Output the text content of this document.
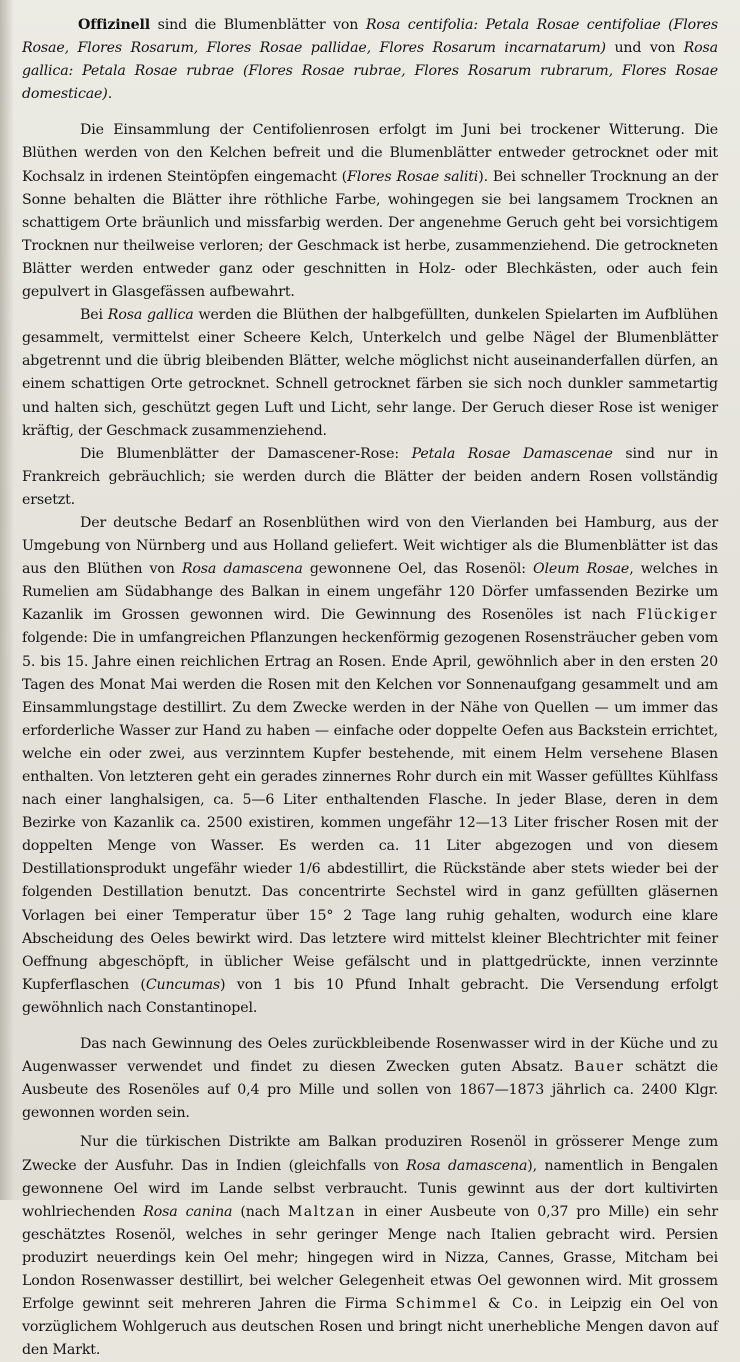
Offizinell sind die Blumenblätter von Rosa centifolia: Petala Rosae centifoliae (Flores Rosae, Flores Rosarum, Flores Rosae pallidae, Flores Rosarum incarnatarum) und von Rosa gallica: Petala Rosae rubrae (Flores Rosae rubrae, Flores Rosarum rubrarum, Flores Rosae domesticae).

Die Einsammlung der Centifolienrosen erfolgt im Juni bei trockener Witterung. Die Blüthen werden von den Kelchen befreit und die Blumenblätter entweder getrocknet oder mit Kochsalz in irdenen Steintöpfen eingemacht (Flores Rosae saliti). Bei schneller Trocknung an der Sonne behalten die Blätter ihre röthliche Farbe, wohingegen sie bei langsamem Trocknen an schattigem Orte bräunlich und missfarbig werden. Der angenehme Geruch geht bei vorsichtigem Trocknen nur theilweise verloren; der Geschmack ist herbe, zusammenziehend. Die getrockneten Blätter werden entweder ganz oder geschnitten in Holz- oder Blechkästen, oder auch fein gepulvert in Glasgefässen aufbewahrt.

Bei Rosa gallica werden die Blüthen der halbgefüllten, dunkelen Spielarten im Aufblühen gesammelt, vermittelst einer Scheere Kelch, Unterkelch und gelbe Nägel der Blumenblätter abgetrennt und die übrig bleibenden Blätter, welche möglichst nicht auseinanderfallen dürfen, an einem schattigen Orte getrocknet. Schnell getrocknet färben sie sich noch dunkler sammetartig und halten sich, geschützt gegen Luft und Licht, sehr lange. Der Geruch dieser Rose ist weniger kräftig, der Geschmack zusammenziehend.

Die Blumenblätter der Damascener-Rose: Petala Rosae Damascenae sind nur in Frankreich gebräuchlich; sie werden durch die Blätter der beiden andern Rosen vollständig ersetzt.

Der deutsche Bedarf an Rosenblüthen wird von den Vierlanden bei Hamburg, aus der Umgebung von Nürnberg und aus Holland geliefert. Weit wichtiger als die Blumenblätter ist das aus den Blüthen von Rosa damascena gewonnene Oel, das Rosenöl: Oleum Rosae, welches in Rumelien am Südabhange des Balkan in einem ungefähr 120 Dörfer umfassenden Bezirke um Kazanlik im Grossen gewonnen wird. Die Gewinnung des Rosenöles ist nach Flückiger folgende: Die in umfangreichen Pflanzungen heckenförmig gezogenen Rosensträucher geben vom 5. bis 15. Jahre einen reichlichen Ertrag an Rosen. Ende April, gewöhnlich aber in den ersten 20 Tagen des Monat Mai werden die Rosen mit den Kelchen vor Sonnenaufgang gesammelt und am Einsammlungstage destillirt. Zu dem Zwecke werden in der Nähe von Quellen — um immer das erforderliche Wasser zur Hand zu haben — einfache oder doppelte Oefen aus Backstein errichtet, welche ein oder zwei, aus verzinntem Kupfer bestehende, mit einem Helm versehene Blasen enthalten. Von letzteren geht ein gerades zinnernes Rohr durch ein mit Wasser gefülltes Kühlfass nach einer langhalsigen, ca. 5—6 Liter enthaltenden Flasche. In jeder Blase, deren in dem Bezirke von Kazanlik ca. 2500 existiren, kommen ungefähr 12—13 Liter frischer Rosen mit der doppelten Menge von Wasser. Es werden ca. 11 Liter abgezogen und von diesem Destillationsprodukt ungefähr wieder 1/6 abdestillirt, die Rückstände aber stets wieder bei der folgenden Destillation benutzt. Das concentrirte Sechstel wird in ganz gefüllten gläsernen Vorlagen bei einer Temperatur über 15° 2 Tage lang ruhig gehalten, wodurch eine klare Abscheidung des Oeles bewirkt wird. Das letztere wird mittelst kleiner Blechtrichter mit feiner Oeffnung abgeschöpft, in üblicher Weise gefälscht und in plattgedrückte, innen verzinnte Kupferflaschen (Cuncumas) von 1 bis 10 Pfund Inhalt gebracht. Die Versendung erfolgt gewöhnlich nach Constantinopel.

Das nach Gewinnung des Oeles zurückbleibende Rosenwasser wird in der Küche und zu Augenwasser verwendet und findet zu diesen Zwecken guten Absatz. Bauer schätzt die Ausbeute des Rosenöles auf 0,4 pro Mille und sollen von 1867—1873 jährlich ca. 2400 Klgr. gewonnen worden sein.

Nur die türkischen Distrikte am Balkan produziren Rosenöl in grösserer Menge zum Zwecke der Ausfuhr. Das in Indien (gleichfalls von Rosa damascena), namentlich in Bengalen gewonnene Oel wird im Lande selbst verbraucht. Tunis gewinnt aus der dort kultivirten wohlriechenden Rosa canina (nach Maltzan in einer Ausbeute von 0,37 pro Mille) ein sehr geschätztes Rosenöl, welches in sehr geringer Menge nach Italien gebracht wird. Persien produzirt neuerdings kein Oel mehr; hingegen wird in Nizza, Cannes, Grasse, Mitcham bei London Rosenwasser destillirt, bei welcher Gelegenheit etwas Oel gewonnen wird. Mit grossem Erfolge gewinnt seit mehreren Jahren die Firma Schimmel & Co. in Leipzig ein Oel von vorzüglichem Wohlgeruch aus deutschen Rosen und bringt nicht unerhebliche Mengen davon auf den Markt.
